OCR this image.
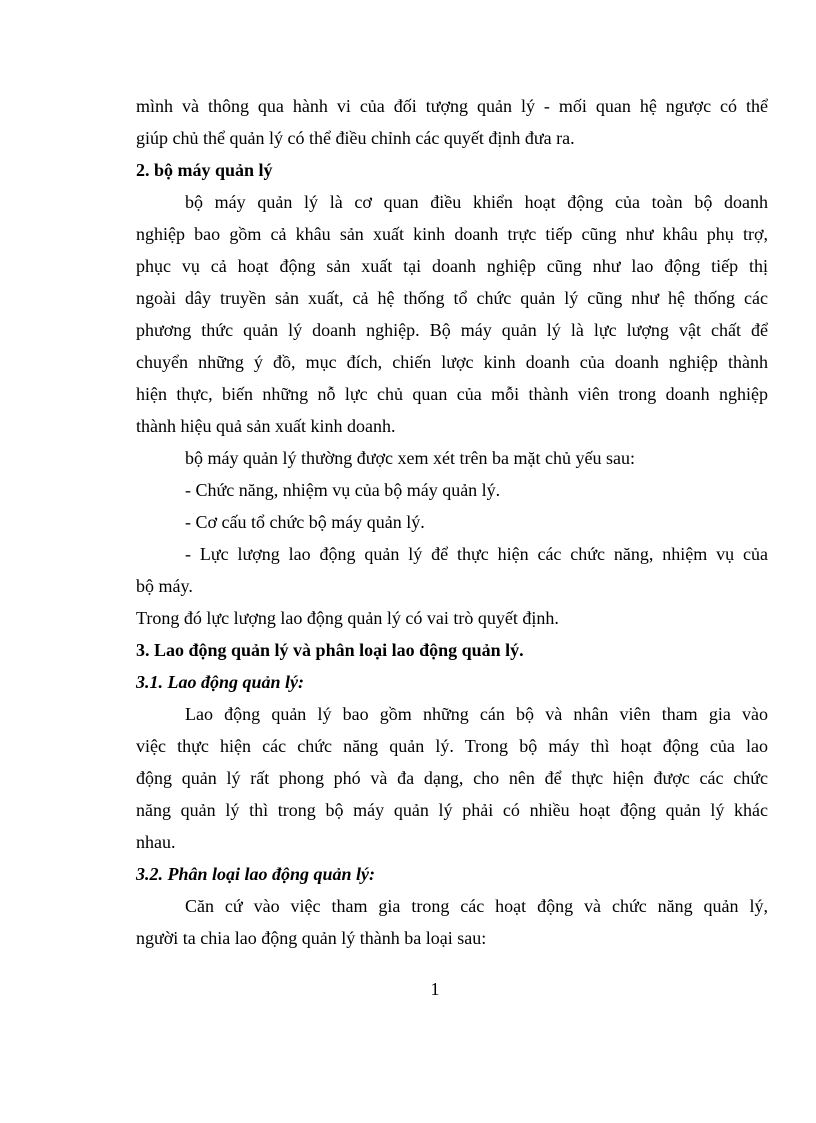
mình và thông qua hành vi của đối tượng quản lý - mối quan hệ ngược có thể
giúp chủ thể quản lý có thể điều chỉnh các quyết định đưa ra.
2. bộ máy quản lý
bộ máy quản lý là cơ quan điều khiển hoạt động của toàn bộ doanh
nghiệp bao gồm cả khâu sản xuất kinh doanh trực tiếp cũng như khâu phụ trợ,
phục vụ cả hoạt động sản xuất tại doanh nghiệp cũng như lao động tiếp thị
ngoài dây truyền sản xuất, cả hệ thống tổ chức quản lý cũng như hệ thống các
phương thức quản lý doanh nghiệp. Bộ máy quản lý là lực lượng vật chất để
chuyển những ý đồ, mục đích, chiến lược kinh doanh của doanh nghiệp thành
hiện thực, biến những nỗ lực chủ quan của mỗi thành viên trong doanh nghiệp
thành hiệu quả sản xuất kinh doanh.
bộ máy quản lý thường được xem xét trên ba mặt chủ yếu sau:
- Chức năng, nhiệm vụ của bộ máy quản lý.
- Cơ cấu tổ chức bộ máy quản lý.
- Lực lượng lao động quản lý để thực hiện các chức năng, nhiệm vụ của
bộ máy.
Trong đó lực lượng lao động quản lý có vai trò quyết định.
3. Lao động quản lý và phân loại lao động quản lý.
3.1. Lao động quản lý:
Lao động quản lý bao gồm những cán bộ và nhân viên tham gia vào
việc thực hiện các chức năng quản lý. Trong bộ máy thì hoạt động của lao
động quản lý rất phong phó và đa dạng, cho nên để thực hiện được các chức
năng quản lý thì trong bộ máy quản lý phải có nhiều hoạt động quản lý khác
nhau.
3.2. Phân loại lao động quản lý:
Căn cứ vào việc tham gia trong các hoạt động và chức năng quản lý,
người ta chia lao động quản lý thành ba loại sau:
1
